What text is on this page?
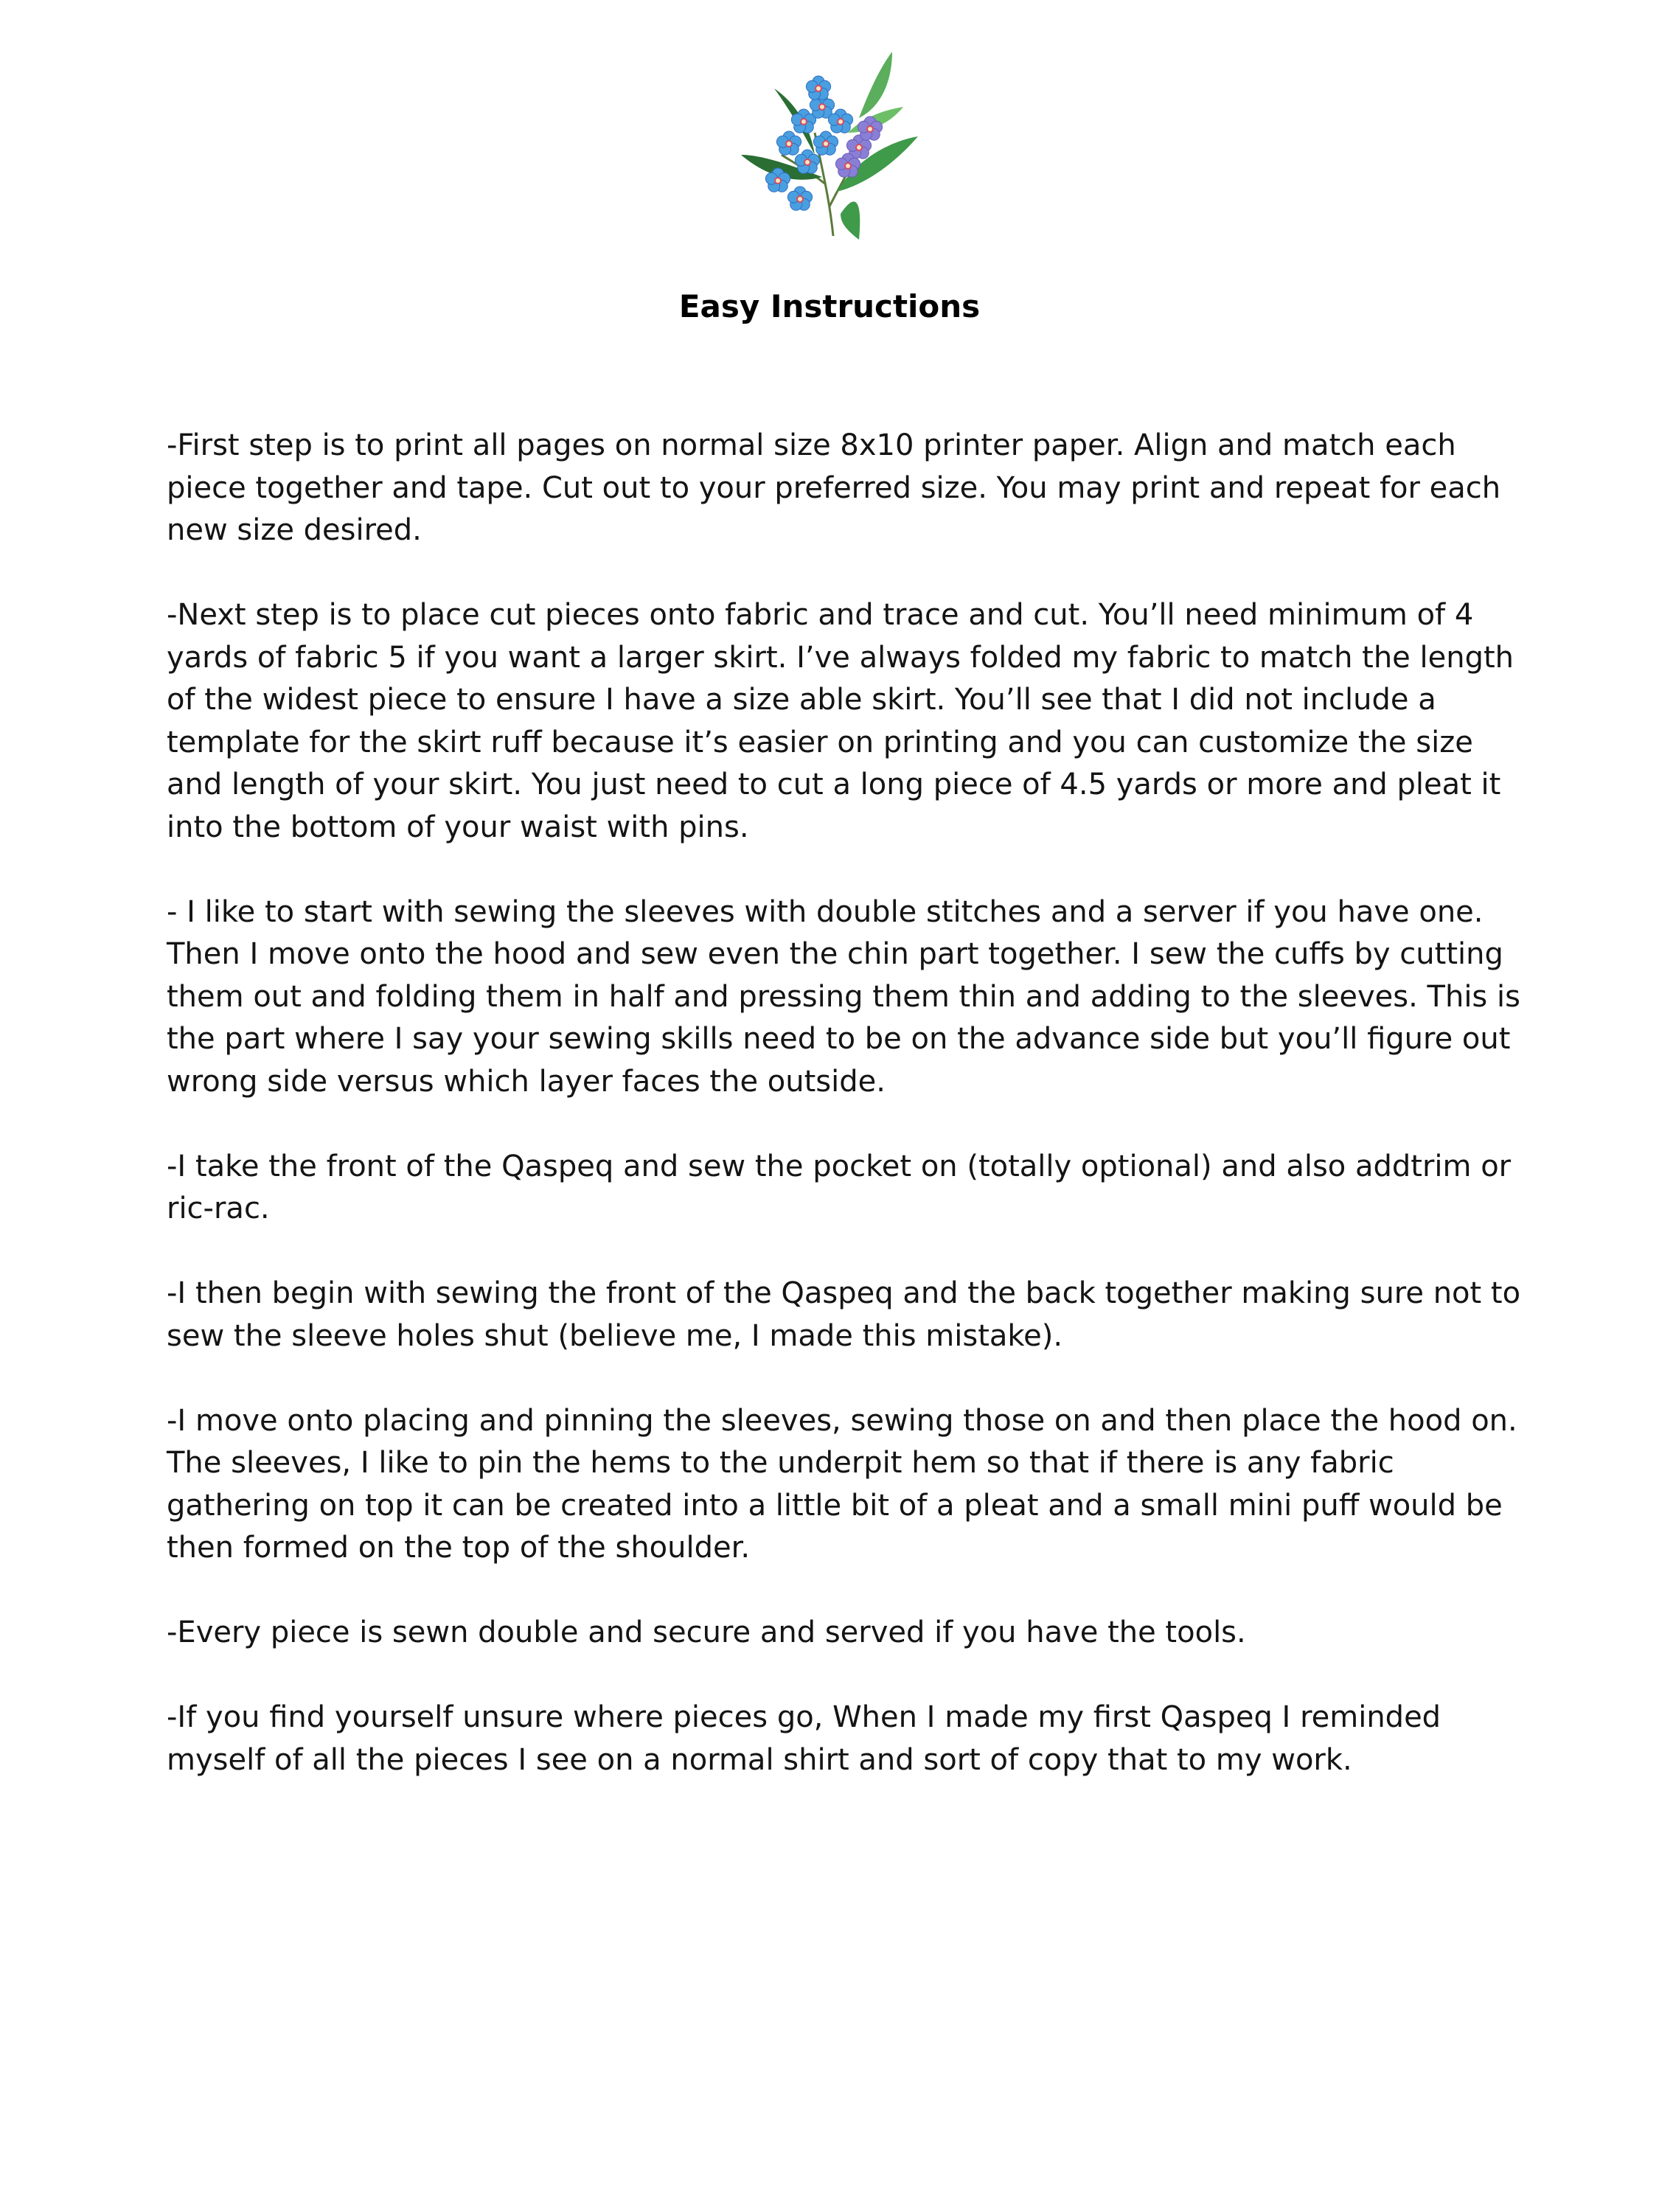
Easy Instructions

-First step is to print all pages on normal size 8x10 printer paper. Align and match each piece together and tape. Cut out to your preferred size. You may print and repeat for each new size desired.

-Next step is to place cut pieces onto fabric and trace and cut. You’ll need minimum of 4 yards of fabric 5 if you want a larger skirt. I’ve always folded my fabric to match the length of the widest piece to ensure I have a size able skirt. You’ll see that I did not include a template for the skirt ruff because it’s easier on printing and you can customize the size and length of your skirt. You just need to cut a long piece of 4.5 yards or more and pleat it into the bottom of your waist with pins.

- I like to start with sewing the sleeves with double stitches and a server if you have one. Then I move onto the hood and sew even the chin part together. I sew the cuffs by cutting them out and folding them in half and pressing them thin and adding to the sleeves. This is the part where I say your sewing skills need to be on the advance side but you’ll figure out wrong side versus which layer faces the outside.

-I take the front of the Qaspeq and sew the pocket on (totally optional) and also addtrim or ric-rac.

-I then begin with sewing the front of the Qaspeq and the back together making sure not to sew the sleeve holes shut (believe me, I made this mistake).

-I move onto placing and pinning the sleeves, sewing those on and then place the hood on. The sleeves, I like to pin the hems to the underpit hem so that if there is any fabric gathering on top it can be created into a little bit of a pleat and a small mini puff would be then formed on the top of the shoulder.

-Every piece is sewn double and secure and served if you have the tools.

-If you find yourself unsure where pieces go, When I made my first Qaspeq I reminded myself of all the pieces I see on a normal shirt and sort of copy that to my work.
